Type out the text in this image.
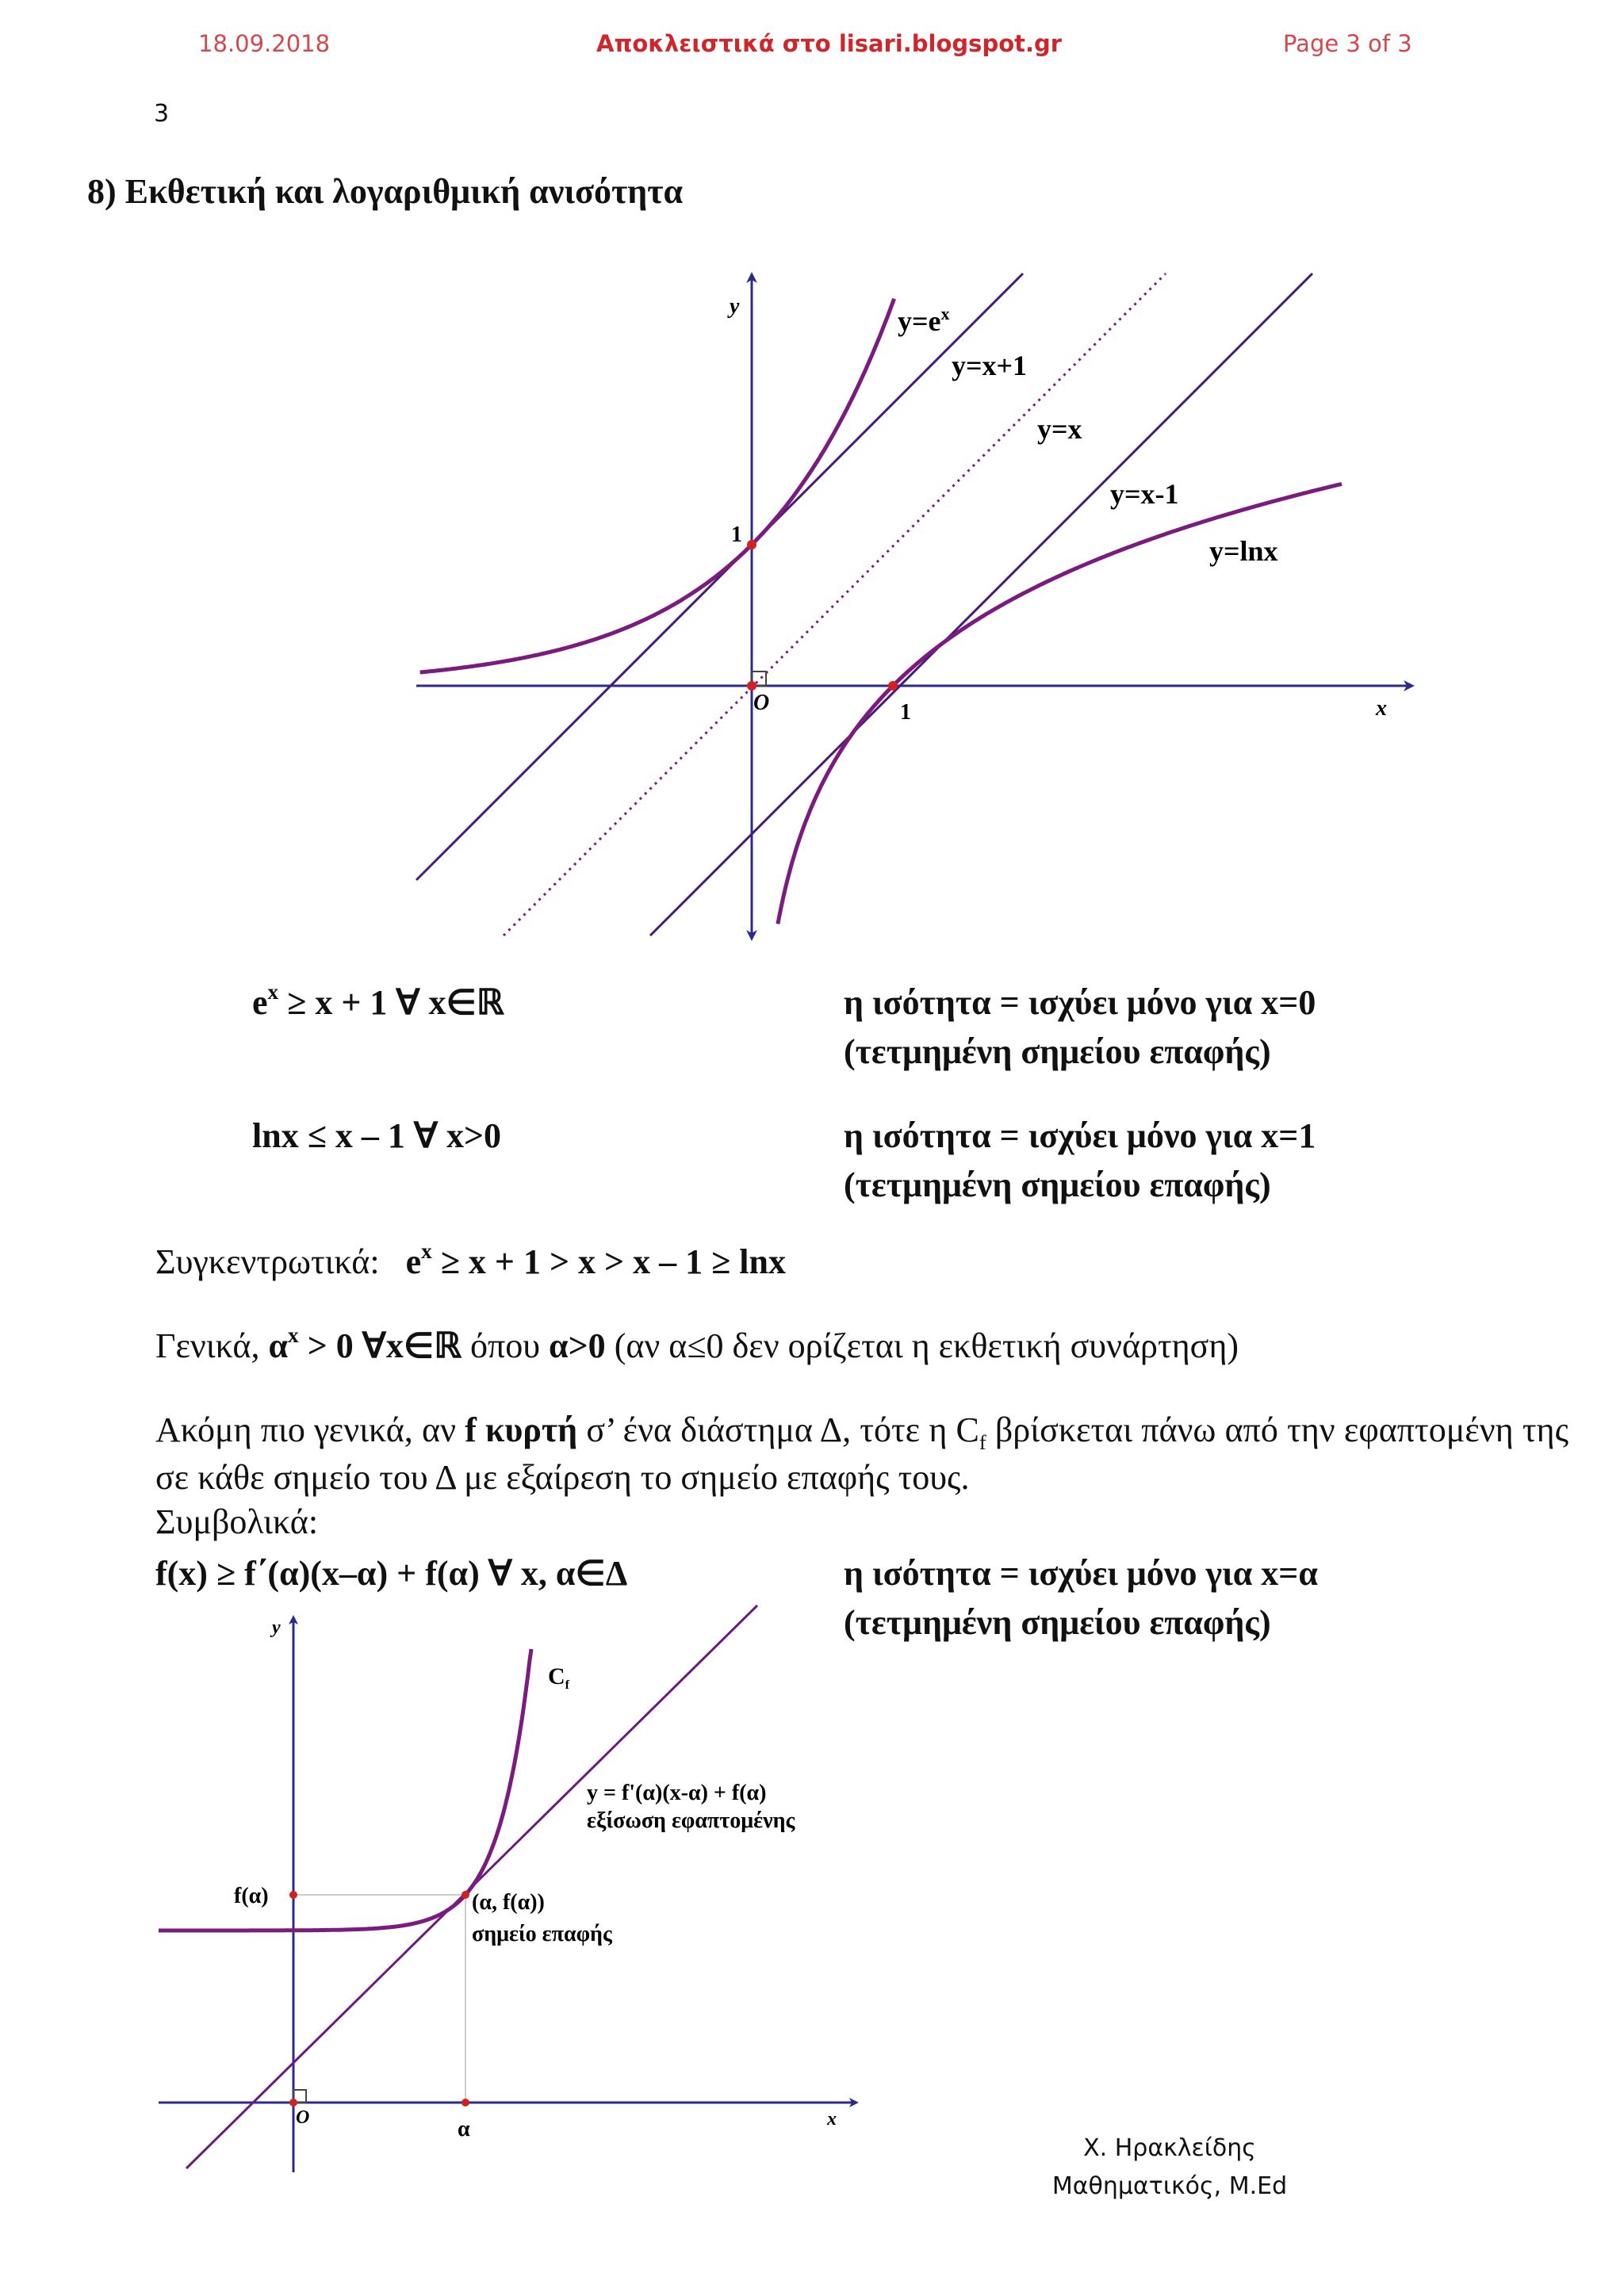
18.09.2018	Αποκλειστικά στο lisari.blogspot.gr	Page 3 of 3
3
8) Εκθετική και λογαριθμική ανισότητα
y
x
O
1
1
$y=e^x$
y=x+1
y=x
y=x-1
y=lnx
$e^x \ge x + 1$ ∀ x∈ℝ	η ισότητα = ισχύει μόνο για x=0
(τετμημένη σημείου επαφής)
lnx ≤ x – 1 ∀ x>0	η ισότητα = ισχύει μόνο για x=1
(τετμημένη σημείου επαφής)
Συγκεντρωτικά: $e^x \ge x + 1 > x > x - 1 \ge \ln x$
Γενικά, $\alpha^x > 0$ ∀x∈ℝ όπου α>0 (αν α≤0 δεν ορίζεται η εκθετική συνάρτηση)
Ακόμη πιο γενικά, αν f κυρτή σ’ ένα διάστημα Δ, τότε η $C_f$ βρίσκεται πάνω από την εφαπτομένη της σε κάθε σημείο του Δ με εξαίρεση το σημείο επαφής τους.
Συμβολικά:
f(x) ≥ f΄(α)(x–α) + f(α) ∀ x, α∈Δ	η ισότητα = ισχύει μόνο για x=α
(τετμημένη σημείου επαφής)
y
x
O
$C_f$
y = f'(α)(x-α) + f(α)
εξίσωση εφαπτομένης
(α, f(α))
σημείο επαφής
f(α)
α
Χ. Ηρακλείδης
Μαθηματικός, M.Ed
